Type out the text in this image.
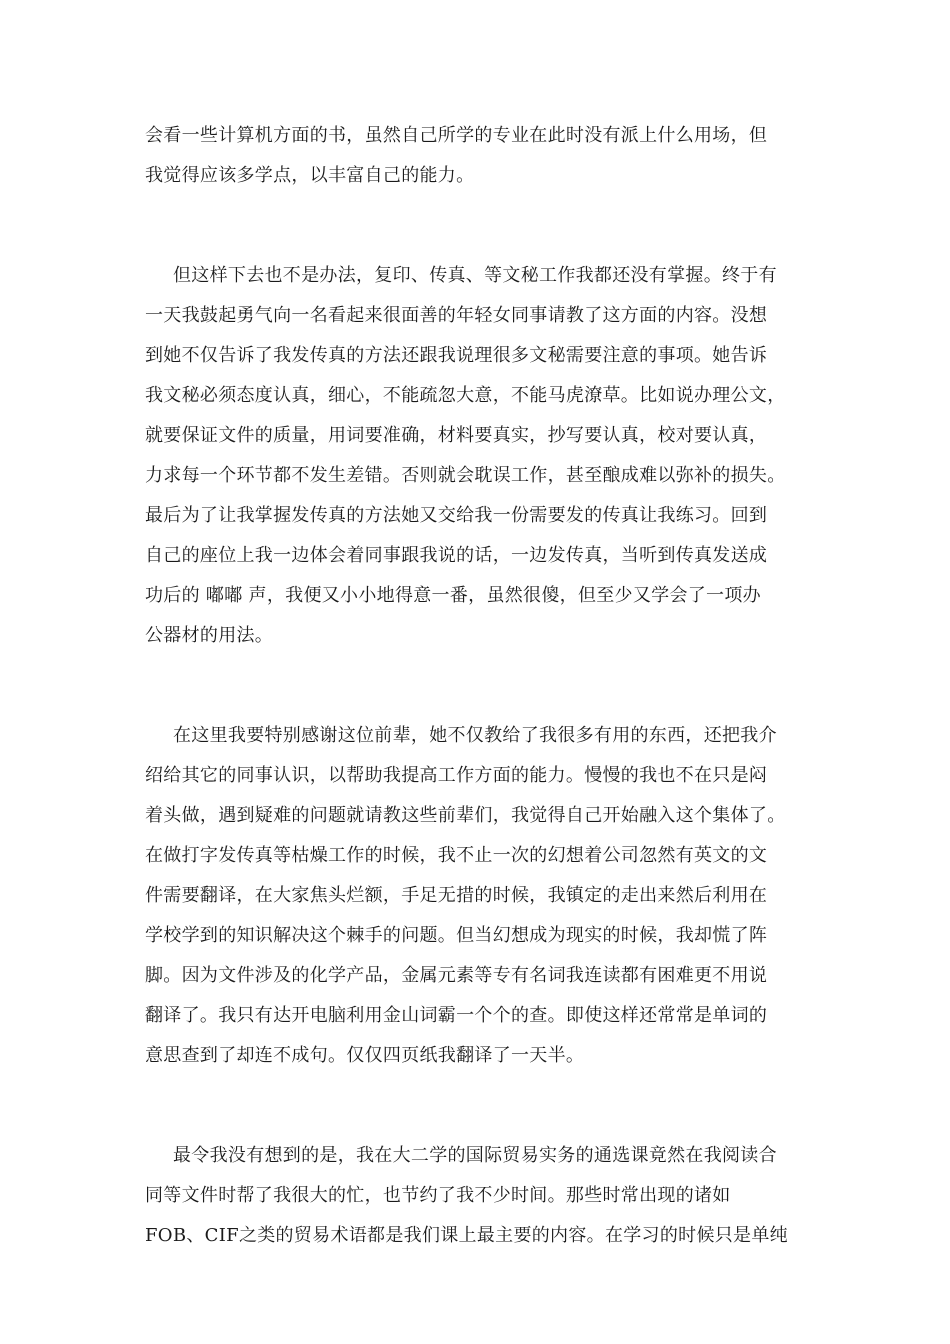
会看一些计算机方面的书，虽然自己所学的专业在此时没有派上什么用场，但
我觉得应该多学点，以丰富自己的能力。
但这样下去也不是办法，复印、传真、等文秘工作我都还没有掌握。终于有
一天我鼓起勇气向一名看起来很面善的年轻女同事请教了这方面的内容。没想
到她不仅告诉了我发传真的方法还跟我说理很多文秘需要注意的事项。她告诉
我文秘必须态度认真，细心，不能疏忽大意，不能马虎潦草。比如说办理公文，
就要保证文件的质量，用词要准确，材料要真实，抄写要认真，校对要认真，
力求每一个环节都不发生差错。否则就会耽误工作，甚至酿成难以弥补的损失。
最后为了让我掌握发传真的方法她又交给我一份需要发的传真让我练习。回到
自己的座位上我一边体会着同事跟我说的话，一边发传真，当听到传真发送成
功后的 嘟嘟 声，我便又小小地得意一番，虽然很傻，但至少又学会了一项办
公器材的用法。
在这里我要特别感谢这位前辈，她不仅教给了我很多有用的东西，还把我介
绍给其它的同事认识，以帮助我提高工作方面的能力。慢慢的我也不在只是闷
着头做，遇到疑难的问题就请教这些前辈们，我觉得自己开始融入这个集体了。
在做打字发传真等枯燥工作的时候，我不止一次的幻想着公司忽然有英文的文
件需要翻译，在大家焦头烂额，手足无措的时候，我镇定的走出来然后利用在
学校学到的知识解决这个棘手的问题。但当幻想成为现实的时候，我却慌了阵
脚。因为文件涉及的化学产品，金属元素等专有名词我连读都有困难更不用说
翻译了。我只有达开电脑利用金山词霸一个个的查。即使这样还常常是单词的
意思查到了却连不成句。仅仅四页纸我翻译了一天半。
最令我没有想到的是，我在大二学的国际贸易实务的通选课竟然在我阅读合
同等文件时帮了我很大的忙，也节约了我不少时间。那些时常出现的诸如
FOB、CIF之类的贸易术语都是我们课上最主要的内容。在学习的时候只是单纯
